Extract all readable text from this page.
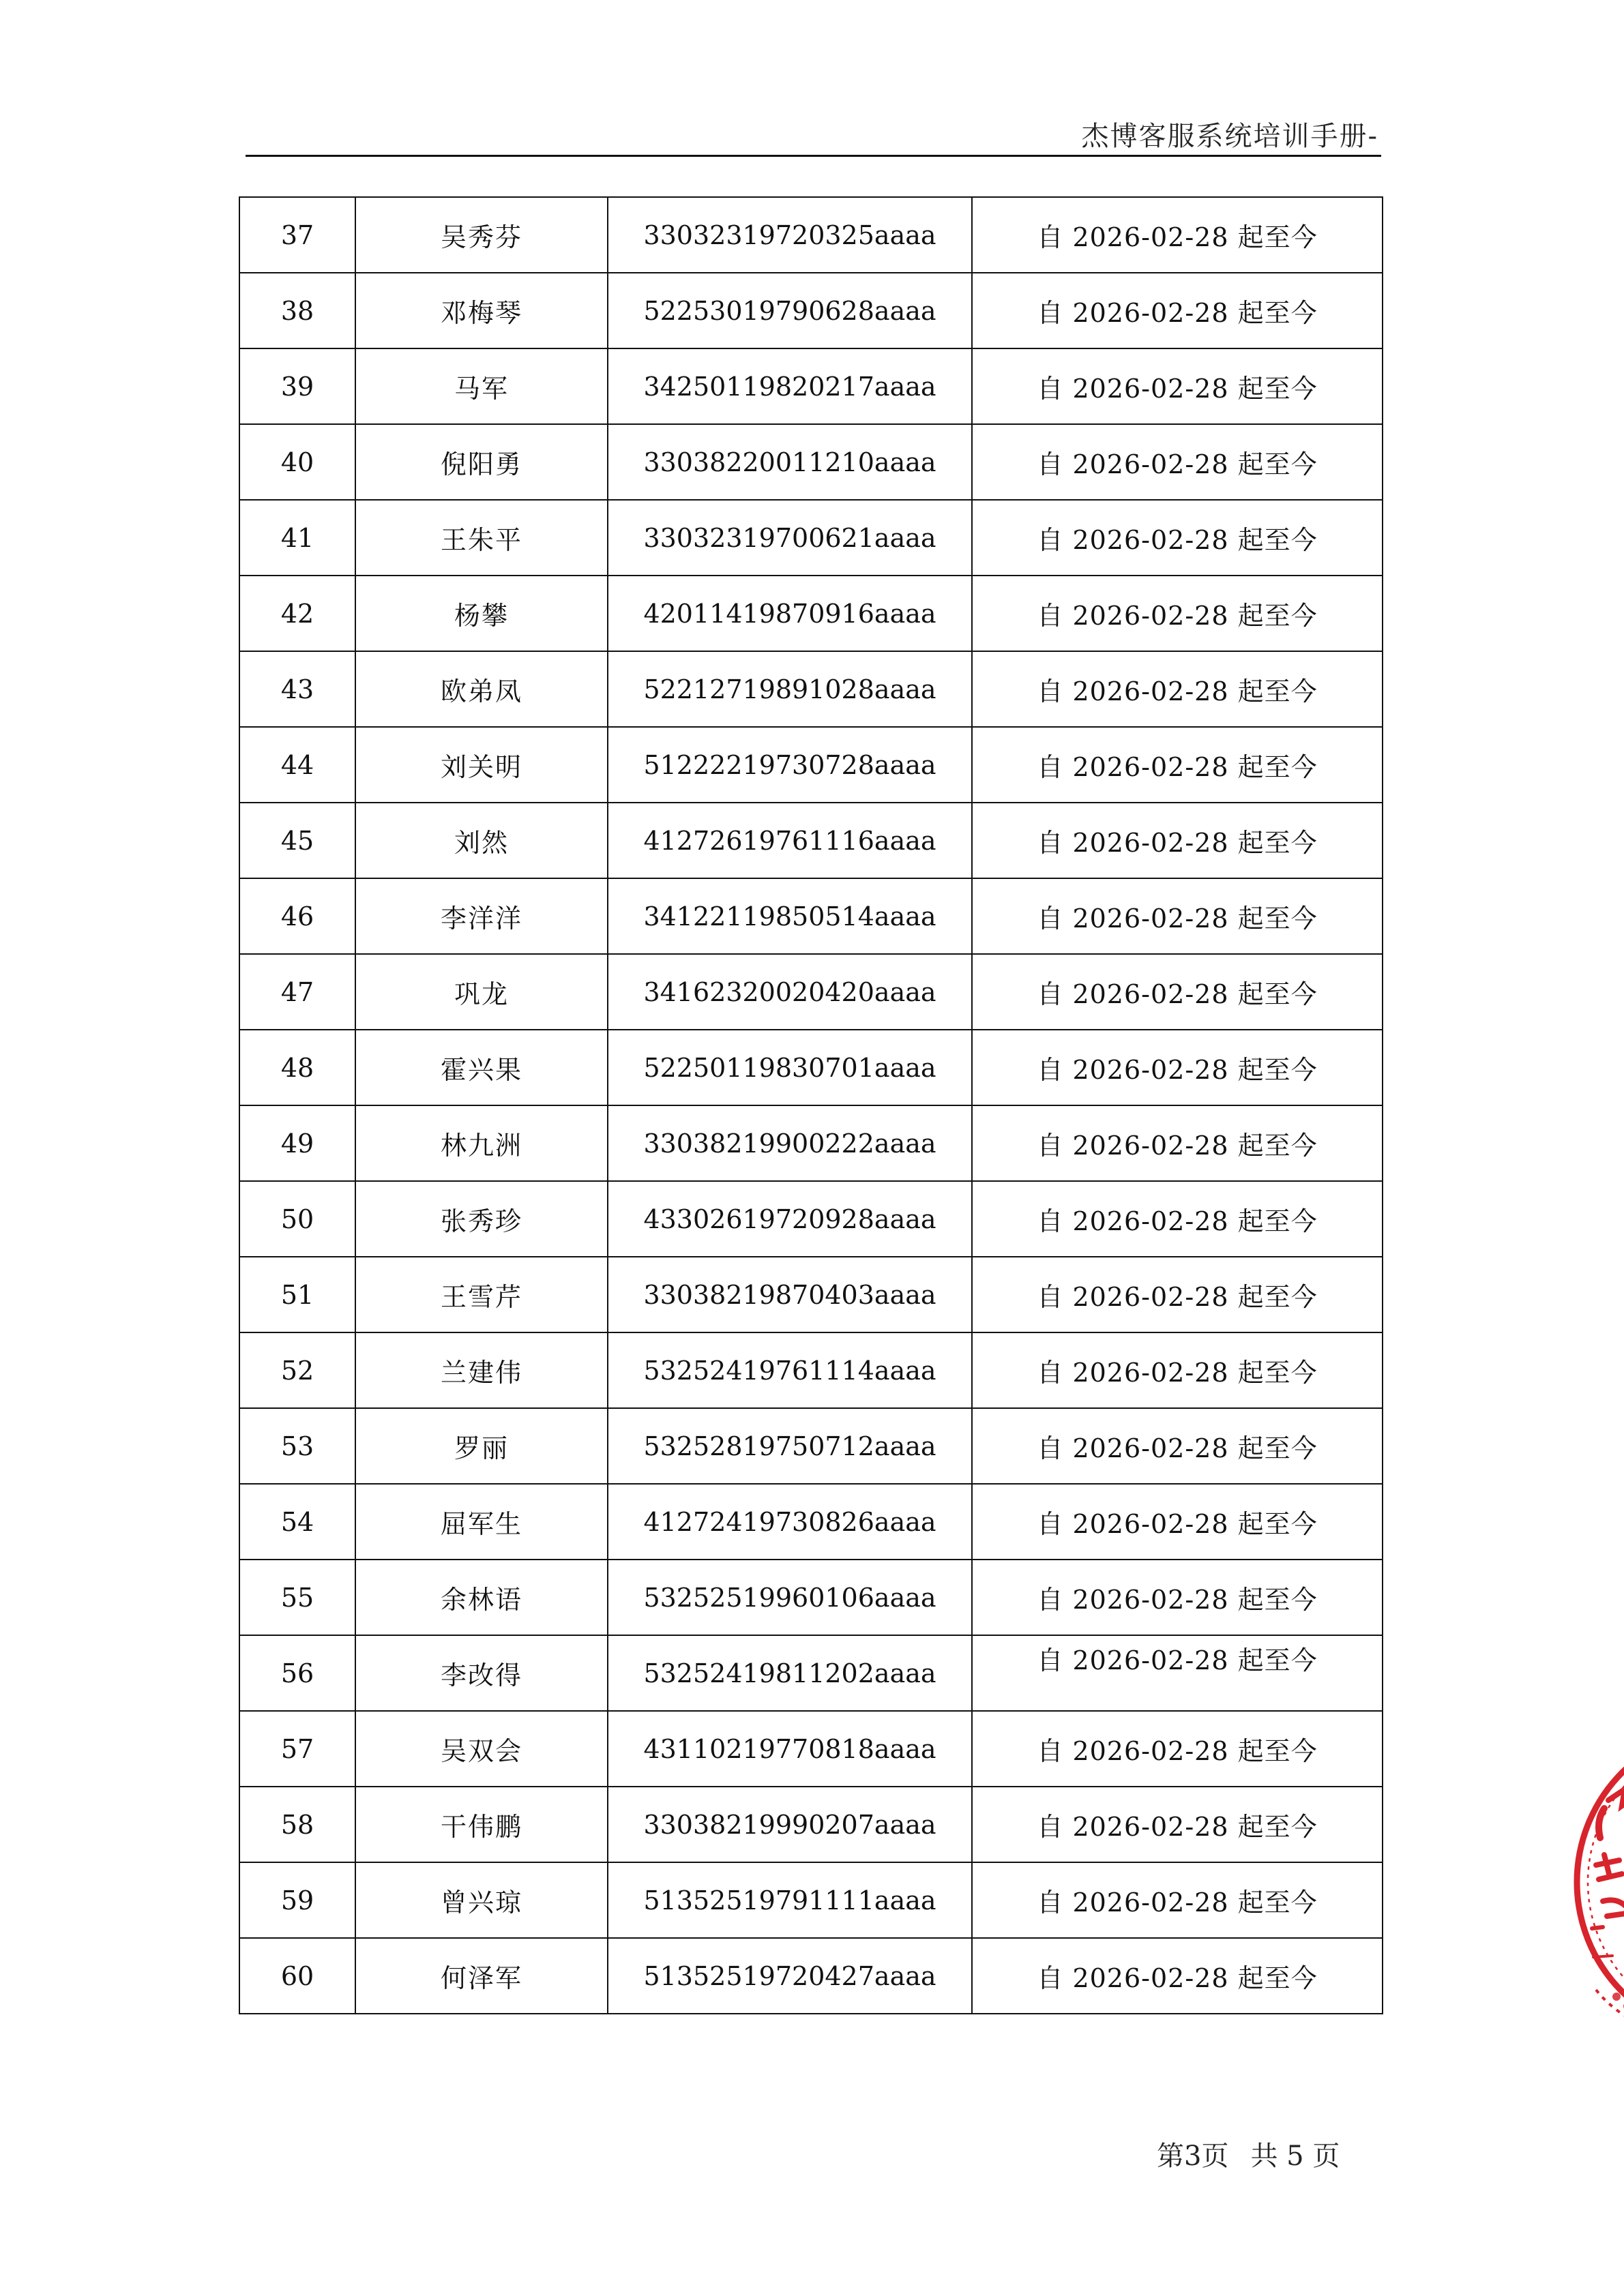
杰博客服系统培训手册-
37	吴秀芬	33032319720325aaaa	自 2026-02-28 起至今
38	邓梅琴	52253019790628aaaa	自 2026-02-28 起至今
39	马军	34250119820217aaaa	自 2026-02-28 起至今
40	倪阳勇	33038220011210aaaa	自 2026-02-28 起至今
41	王朱平	33032319700621aaaa	自 2026-02-28 起至今
42	杨攀	42011419870916aaaa	自 2026-02-28 起至今
43	欧弟凤	52212719891028aaaa	自 2026-02-28 起至今
44	刘关明	51222219730728aaaa	自 2026-02-28 起至今
45	刘然	41272619761116aaaa	自 2026-02-28 起至今
46	李洋洋	34122119850514aaaa	自 2026-02-28 起至今
47	巩龙	34162320020420aaaa	自 2026-02-28 起至今
48	霍兴果	52250119830701aaaa	自 2026-02-28 起至今
49	林九洲	33038219900222aaaa	自 2026-02-28 起至今
50	张秀珍	43302619720928aaaa	自 2026-02-28 起至今
51	王雪芹	33038219870403aaaa	自 2026-02-28 起至今
52	兰建伟	53252419761114aaaa	自 2026-02-28 起至今
53	罗丽	53252819750712aaaa	自 2026-02-28 起至今
54	屈军生	41272419730826aaaa	自 2026-02-28 起至今
55	余林语	53252519960106aaaa	自 2026-02-28 起至今
56	李改得	53252419811202aaaa	自 2026-02-28 起至今
57	吴双会	43110219770818aaaa	自 2026-02-28 起至今
58	干伟鹏	33038219990207aaaa	自 2026-02-28 起至今
59	曾兴琼	51352519791111aaaa	自 2026-02-28 起至今
60	何泽军	51352519720427aaaa	自 2026-02-28 起至今
第3页 共 5 页
